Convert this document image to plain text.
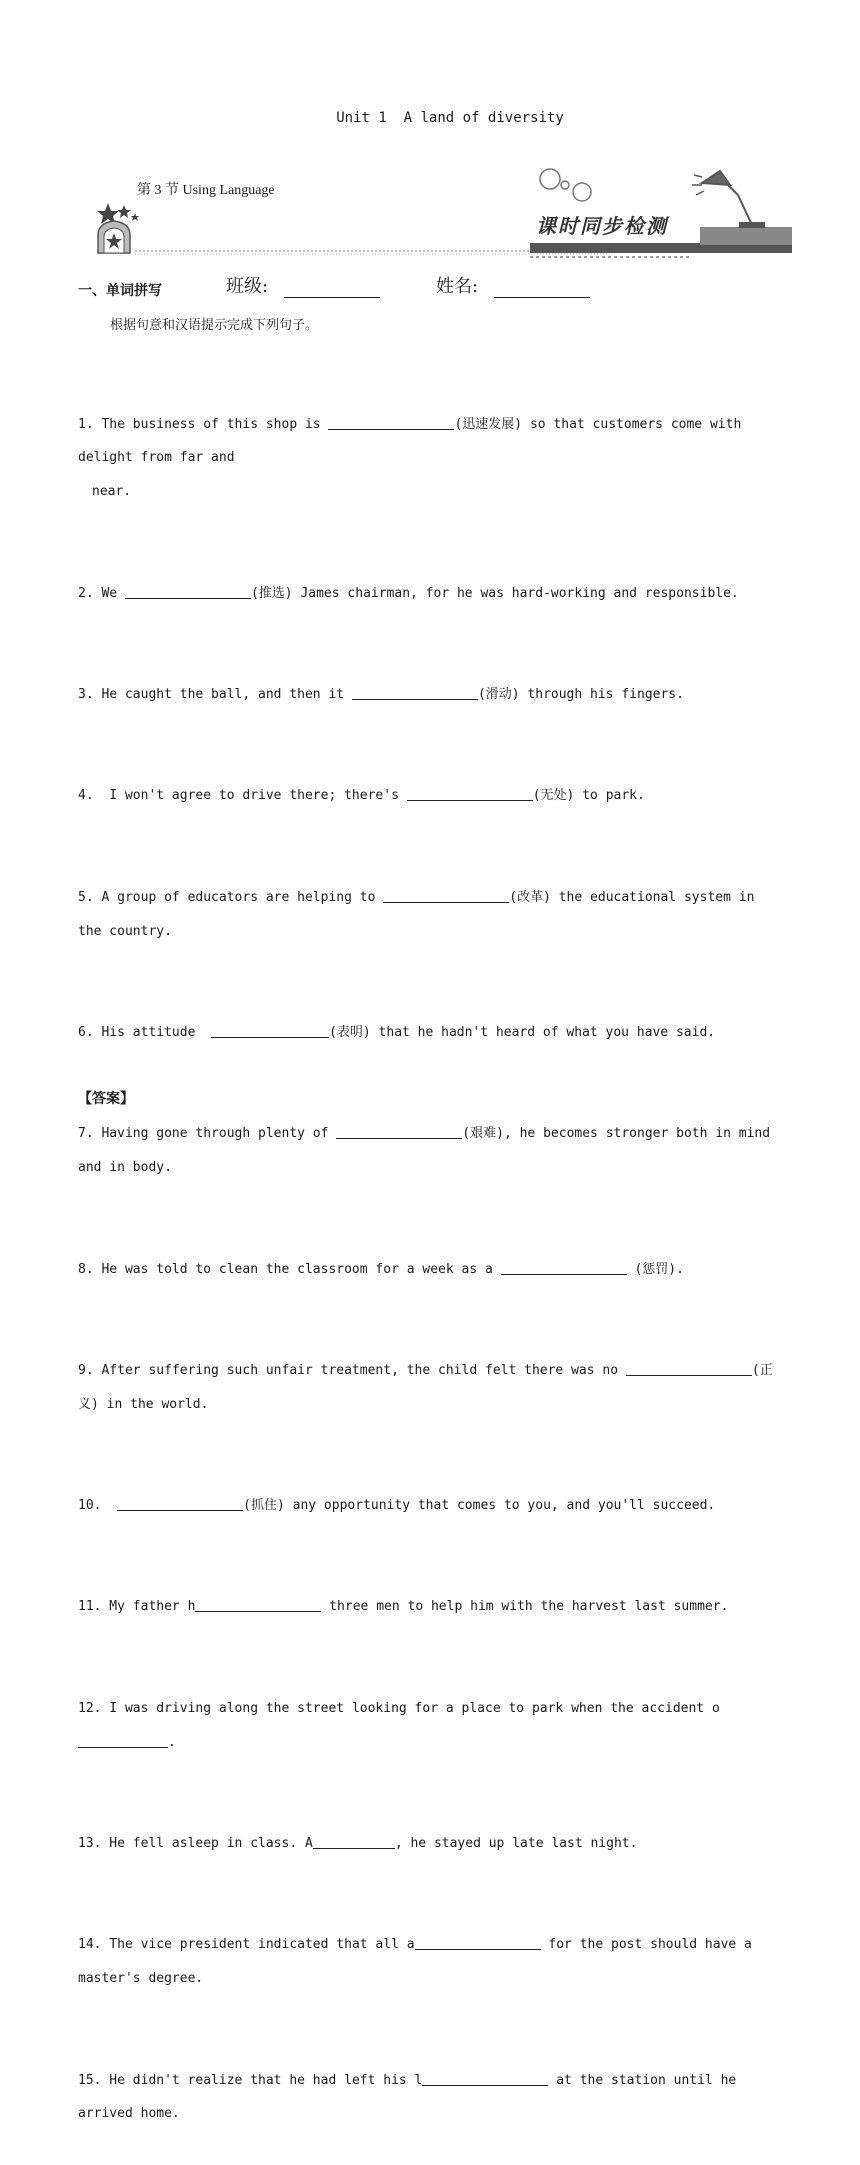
Unit 1  A land of diversity
第 3 节 Using Language
课时同步检测
一、单词拼写	班级:	姓名:
根据句意和汉语提示完成下列句子。

1. The business of this shop is	(迅速发展) so that customers come with delight from far and
near.

2. We	(推选) James chairman, for he was hard-working and responsible.

3. He caught the ball, and then it	(滑动) through his fingers.

4.  I won't agree to drive there; there's	(无处) to park.

5. A group of educators are helping to	(改革) the educational system in the country.

6. His attitude	(表明) that he hadn't heard of what you have said.

7. Having gone through plenty of	(艰难), he becomes stronger both in mind and in body.

8. He was told to clean the classroom for a week as a	(惩罚).

9. After suffering such unfair treatment, the child felt there was no	(正义) in the world.

10.	(抓住) any opportunity that comes to you, and you'll succeed.

11. My father h	three men to help him with the harvest last summer.

12. I was driving along the street looking for a place to park when the accident o.

13. He fell asleep in class. A	, he stayed up late last night.

14. The vice president indicated that all a	for the post should have a master's degree.

15. He didn't realize that he had left his l	at the station until he arrived home.

【答案】
